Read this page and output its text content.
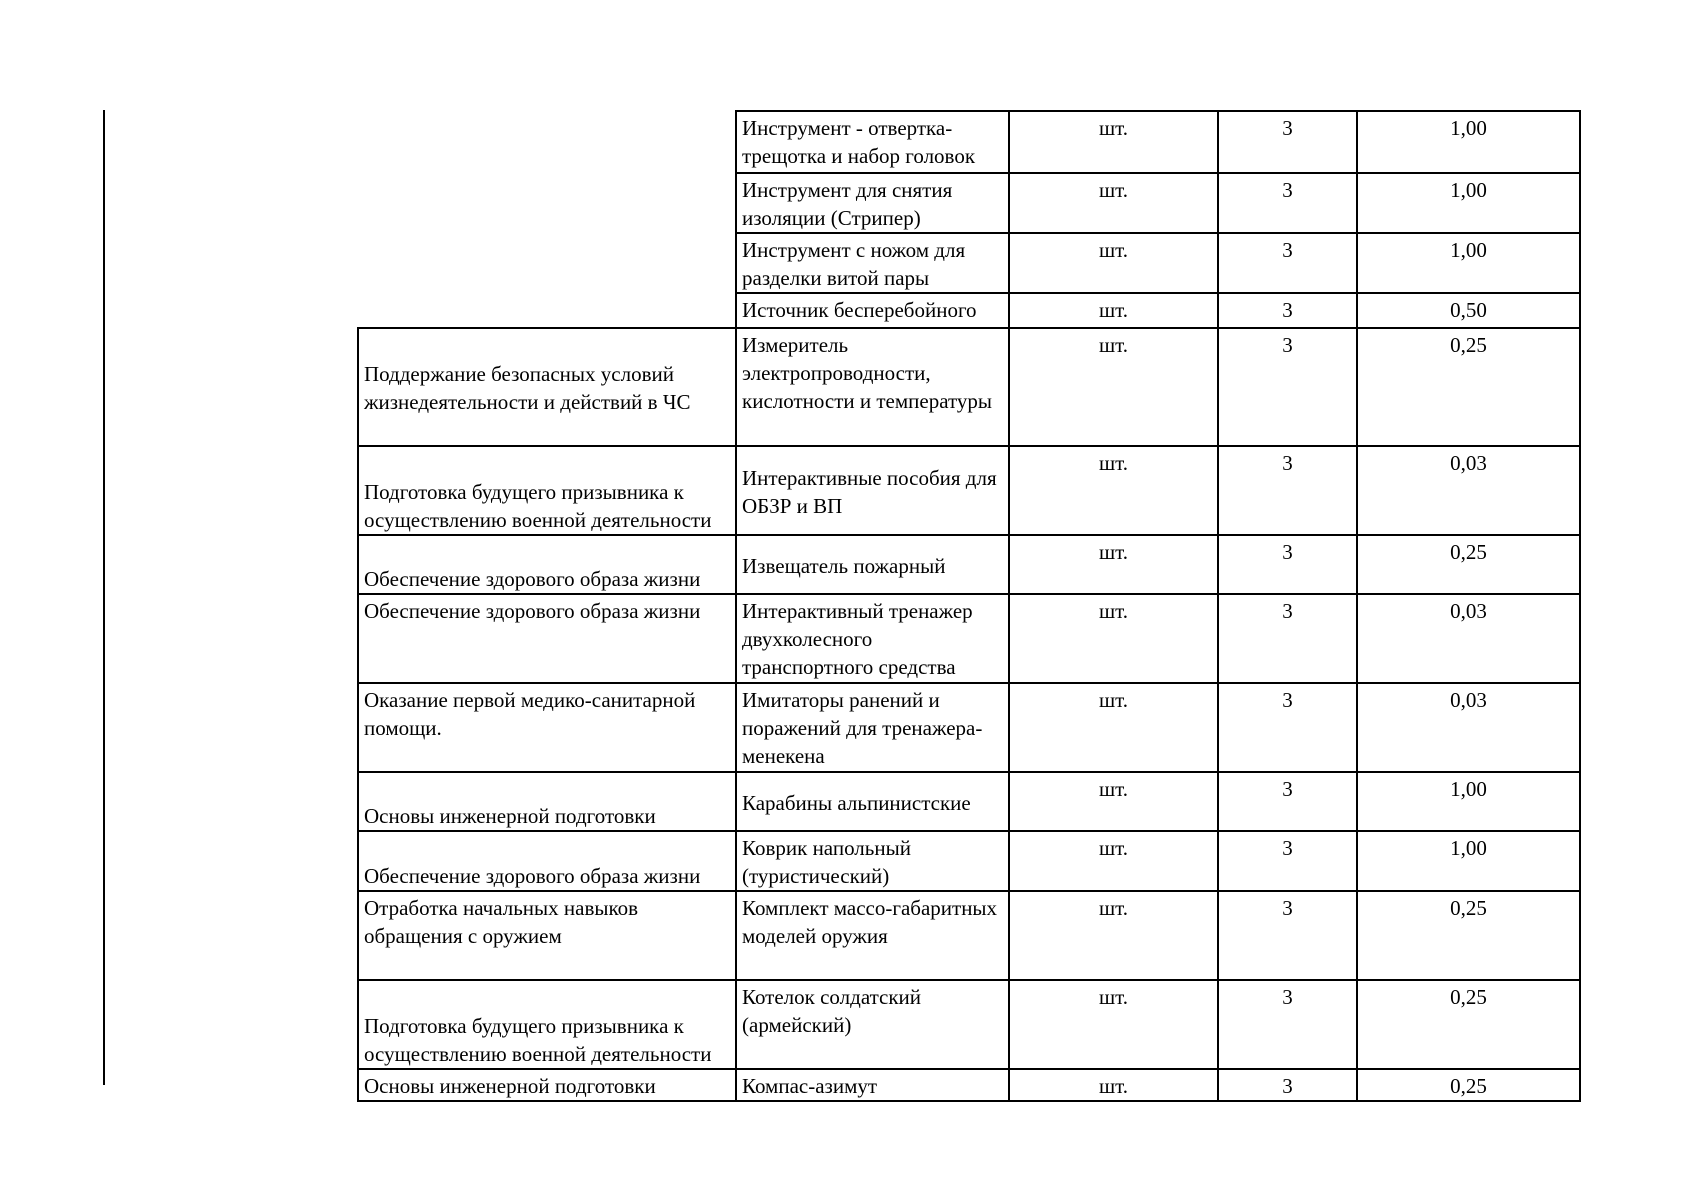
	Инструмент - отвертка-трещотка и набор головок	шт.	3	1,00
	Инструмент для снятия изоляции (Стрипер)	шт.	3	1,00
	Инструмент с ножом для разделки витой пары	шт.	3	1,00
	Источник бесперебойного	шт.	3	0,50
Поддержание безопасных условий жизнедеятельности и действий в ЧС	Измеритель электропроводности, кислотности и температуры	шт.	3	0,25
Подготовка будущего призывника к осуществлению военной деятельности	Интерактивные пособия для ОБЗР и ВП	шт.	3	0,03
Обеспечение здорового образа жизни	Извещатель пожарный	шт.	3	0,25
Обеспечение здорового образа жизни	Интерактивный тренажер двухколесного транспортного средства	шт.	3	0,03
Оказание первой медико-санитарной помощи.	Имитаторы ранений и поражений для тренажера-менекена	шт.	3	0,03
Основы инженерной подготовки	Карабины альпинистские	шт.	3	1,00
Обеспечение здорового образа жизни	Коврик напольный (туристический)	шт.	3	1,00
Отработка начальных навыков обращения с оружием	Комплект массо-габаритных моделей оружия	шт.	3	0,25
Подготовка будущего призывника к осуществлению военной деятельности	Котелок солдатский (армейский)	шт.	3	0,25
Основы инженерной подготовки	Компас-азимут	шт.	3	0,25
